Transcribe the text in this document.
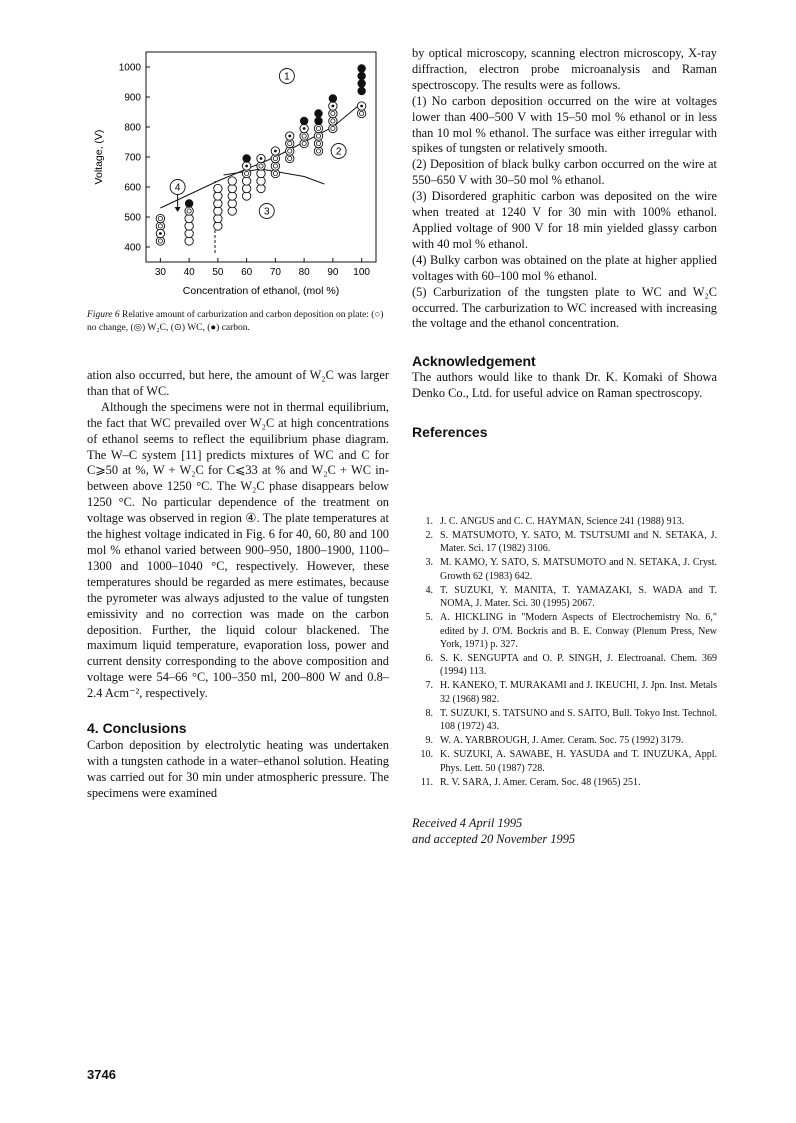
Voltage, (V)
Concentration of ethanol, (mol %)
1000
900
800
700
600
500
400
30 40 50 60 70 80 90 100
1
2
3
4
Figure 6 Relative amount of carburization and carbon deposition on plate: (○) no change, (◎) W₂C, (⊙) WC, (●) carbon.

ation also occurred, but here, the amount of W₂C was larger than that of WC.

Although the specimens were not in thermal equilibrium, the fact that WC prevailed over W₂C at high concentrations of ethanol seems to reflect the equilibrium phase diagram. The W–C system [11] predicts mixtures of WC and C for C⩾50 at %, W + W₂C for C⩽33 at % and W₂C + WC in-between above 1250 °C. The W₂C phase disappears below 1250 °C. No particular dependence of the treatment on voltage was observed in region ④. The plate temperatures at the highest voltage indicated in Fig. 6 for 40, 60, 80 and 100 mol % ethanol varied between 900–950, 1800–1900, 1100–1300 and 1000–1040 °C, respectively. However, these temperatures should be regarded as mere estimates, because the pyrometer was always adjusted to the value of tungsten emissivity and no correction was made on the carbon deposition. Further, the liquid colour blackened. The maximum liquid temperature, evaporation loss, power and current density corresponding to the above composition and voltage were 54–66 °C, 100–350 ml, 200–800 W and 0.8–2.4 Acm⁻², respectively.

4. Conclusions

Carbon deposition by electrolytic heating was undertaken with a tungsten cathode in a water–ethanol solution. Heating was carried out for 30 min under atmospheric pressure. The specimens were examined

by optical microscopy, scanning electron microscopy, X-ray diffraction, electron probe microanalysis and Raman spectroscopy. The results were as follows.

(1) No carbon deposition occurred on the wire at voltages lower than 400–500 V with 15–50 mol % ethanol or in less than 10 mol % ethanol. The surface was either irregular with spikes of tungsten or relatively smooth.

(2) Deposition of black bulky carbon occurred on the wire at 550–650 V with 30–50 mol % ethanol.

(3) Disordered graphitic carbon was deposited on the wire when treated at 1240 V for 30 min with 100% ethanol. Applied voltage of 900 V for 18 min yielded glassy carbon with 40 mol % ethanol.

(4) Bulky carbon was obtained on the plate at higher applied voltages with 60–100 mol % ethanol.

(5) Carburization of the tungsten plate to WC and W₂C occurred. The carburization to WC increased with increasing the voltage and the ethanol concentration.

Acknowledgement

The authors would like to thank Dr. K. Komaki of Showa Denko Co., Ltd. for useful advice on Raman spectroscopy.

References

1. J. C. ANGUS and C. C. HAYMAN, Science 241 (1988) 913.

2. S. MATSUMOTO, Y. SATO, M. TSUTSUMI and N. SETAKA, J. Mater. Sci. 17 (1982) 3106.

3. M. KAMO, Y. SATO, S. MATSUMOTO and N. SETAKA, J. Cryst. Growth 62 (1983) 642.

4. T. SUZUKI, Y. MANITA, T. YAMAZAKI, S. WADA and T. NOMA, J. Mater. Sci. 30 (1995) 2067.

5. A. HICKLING in "Modern Aspects of Electrochemistry No. 6," edited by J. O'M. Bockris and B. E. Conway (Plenum Press, New York, 1971) p. 327.

6. S. K. SENGUPTA and O. P. SINGH, J. Electroanal. Chem. 369 (1994) 113.

7. H. KANEKO, T. MURAKAMI and J. IKEUCHI, J. Jpn. Inst. Metals 32 (1968) 982.

8. T. SUZUKI, S. TATSUNO and S. SAITO, Bull. Tokyo Inst. Technol. 108 (1972) 43.

9. W. A. YARBROUGH, J. Amer. Ceram. Soc. 75 (1992) 3179.

10. K. SUZUKI, A. SAWABE, H. YASUDA and T. INUZUKA, Appl. Phys. Lett. 50 (1987) 728.

11. R. V. SARA, J. Amer. Ceram. Soc. 48 (1965) 251.

Received 4 April 1995
and accepted 20 November 1995
3746
